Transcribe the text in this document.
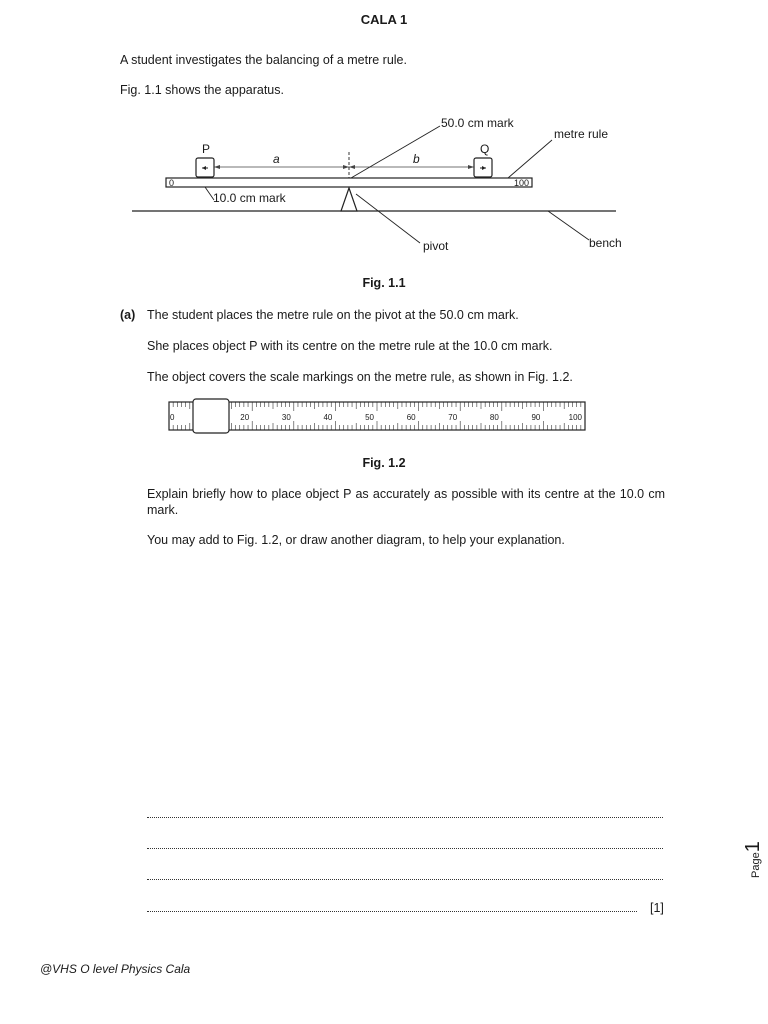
CALA 1
A student investigates the balancing of a metre rule.
Fig. 1.1 shows the apparatus.
50.0 cm mark
metre rule
P	Q
a	b
0	100
10.0 cm mark
pivot	bench
Fig. 1.1
(a) The student places the metre rule on the pivot at the 50.0 cm mark.
She places object P with its centre on the metre rule at the 10.0 cm mark.
The object covers the scale markings on the metre rule, as shown in Fig. 1.2.
0	20	30	40	50	60	70	80	90	100
Fig. 1.2
Explain briefly how to place object P as accurately as possible with its centre at the 10.0 cm mark.
You may add to Fig. 1.2, or draw another diagram, to help your explanation.
[1]
Page1
@VHS O level Physics Cala
